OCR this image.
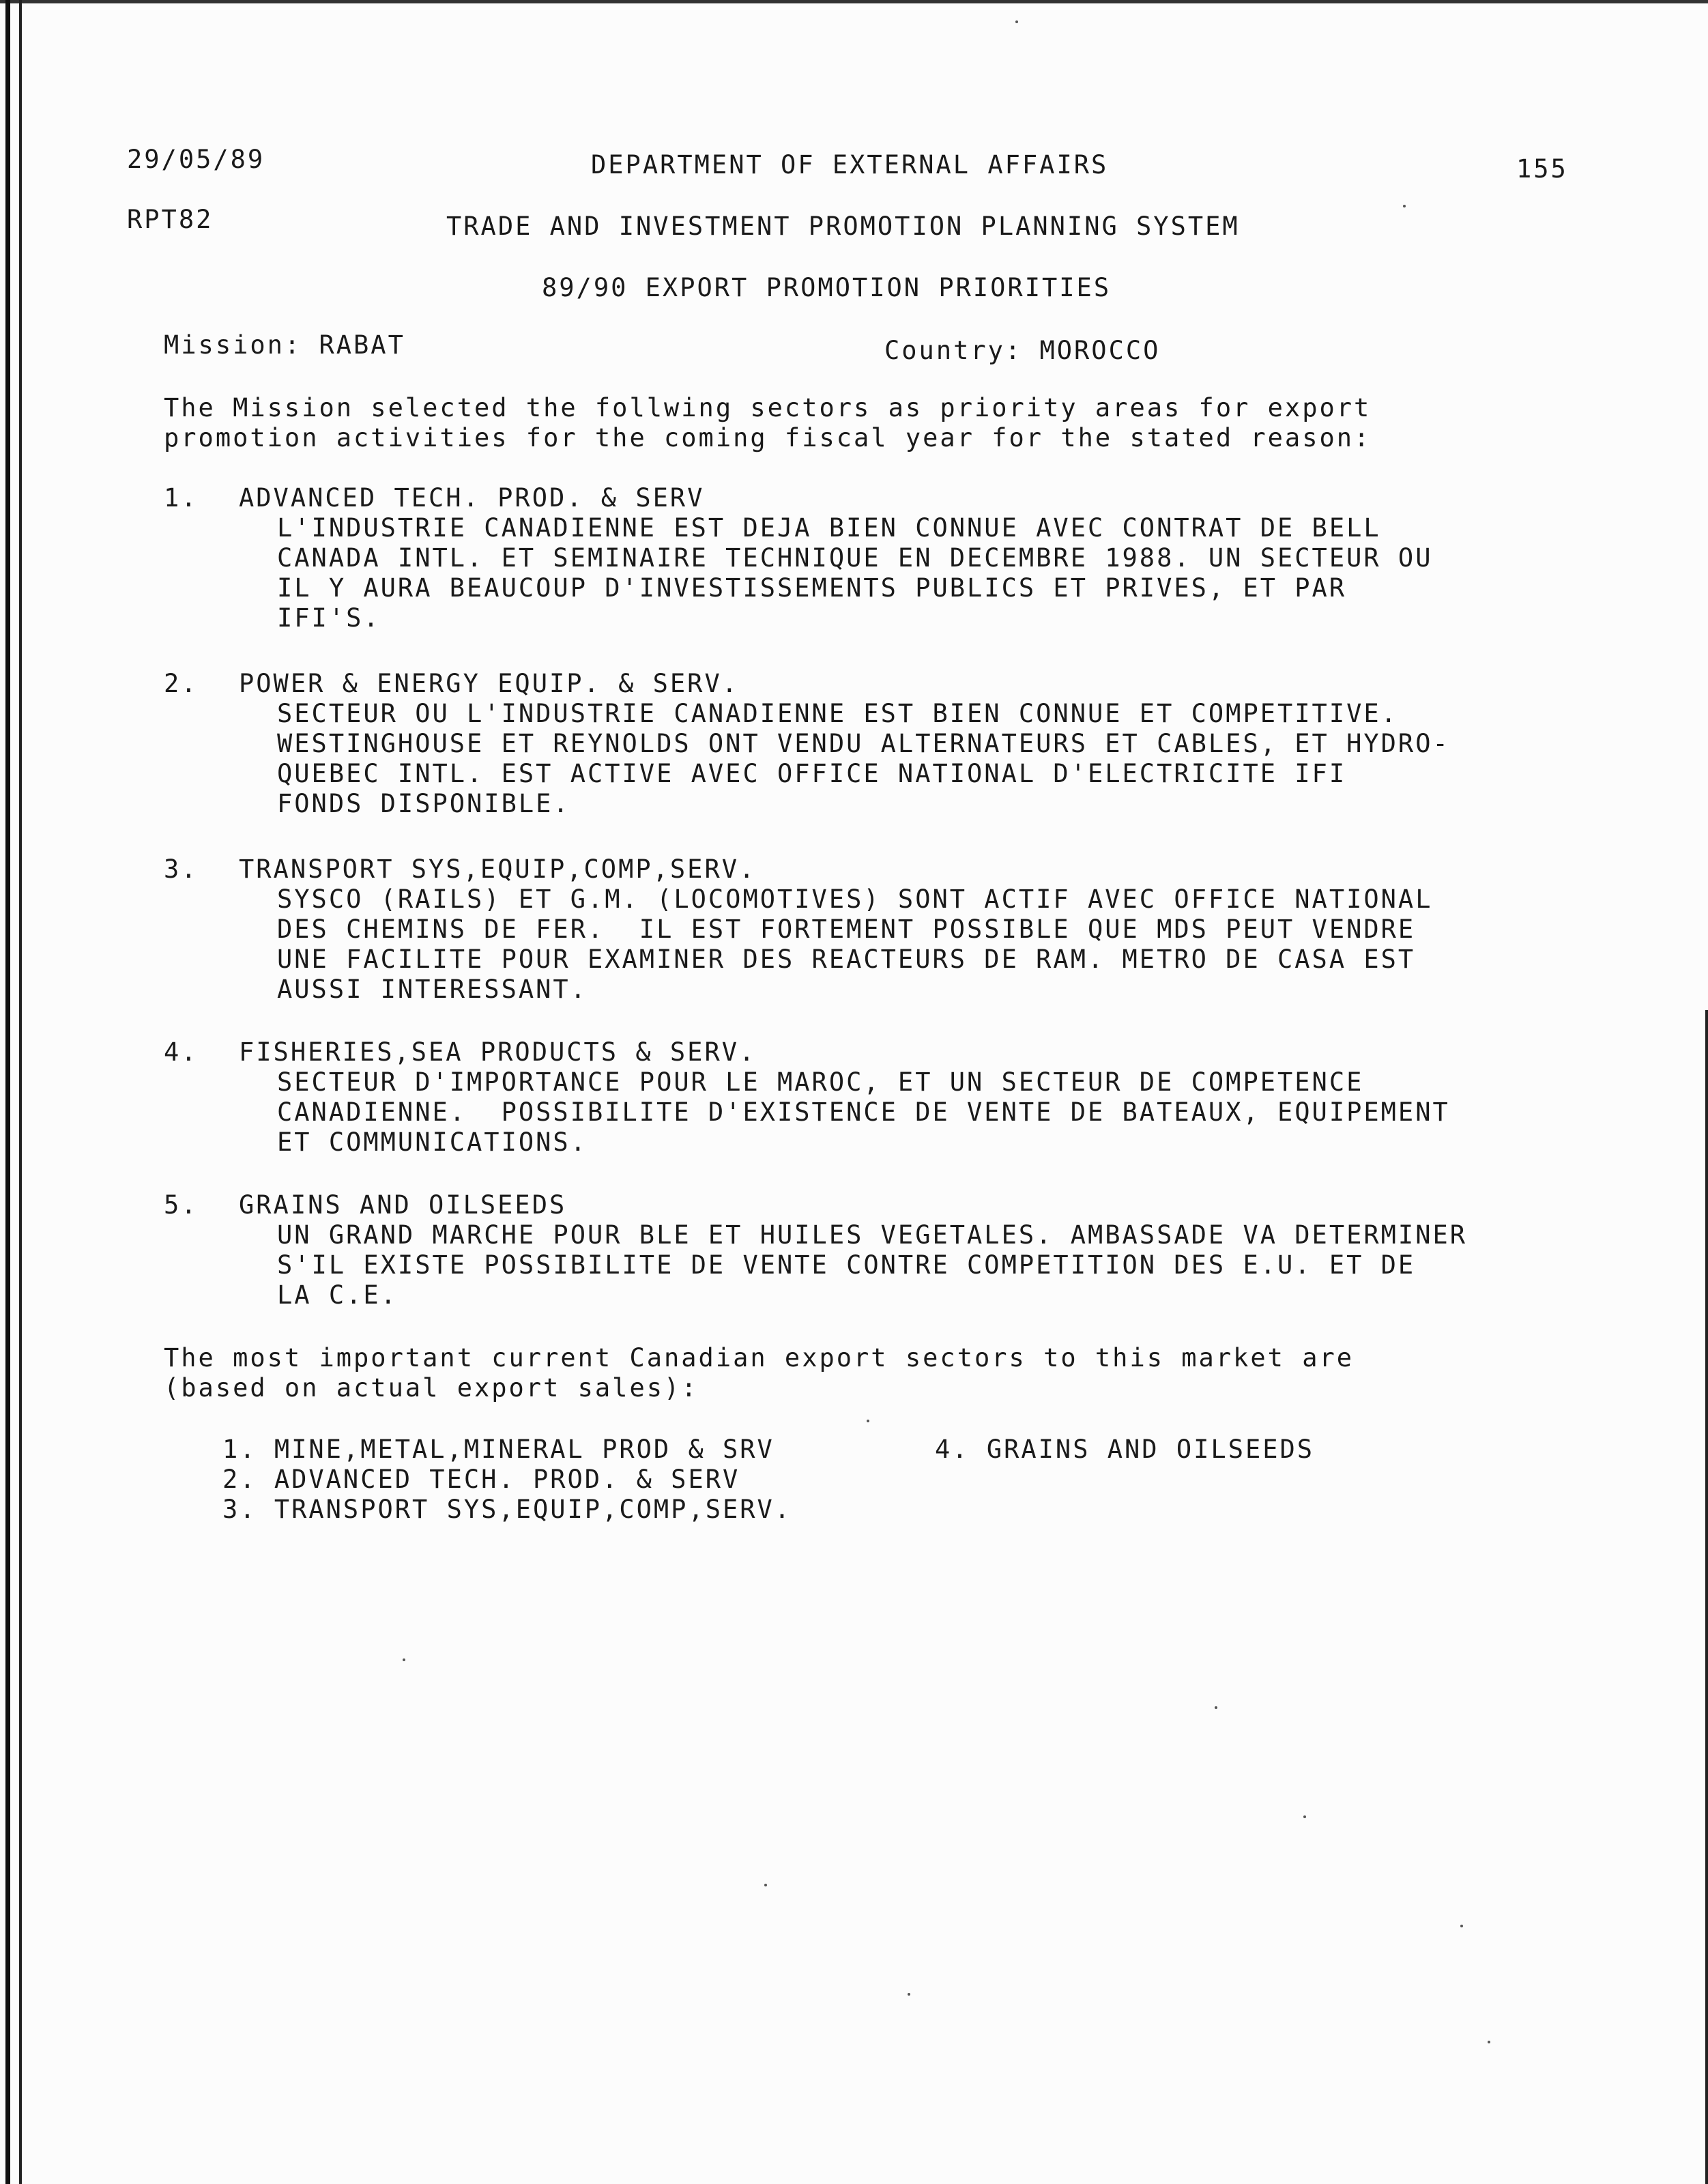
29/05/89	DEPARTMENT OF EXTERNAL AFFAIRS	155

RPT82	TRADE AND INVESTMENT PROMOTION PLANNING SYSTEM

89/90 EXPORT PROMOTION PRIORITIES

Mission: RABAT	Country: MOROCCO

The Mission selected the follwing sectors as priority areas for export
promotion activities for the coming fiscal year for the stated reason:

1. ADVANCED TECH. PROD. & SERV
L'INDUSTRIE CANADIENNE EST DEJA BIEN CONNUE AVEC CONTRAT DE BELL
CANADA INTL. ET SEMINAIRE TECHNIQUE EN DECEMBRE 1988. UN SECTEUR OU
IL Y AURA BEAUCOUP D'INVESTISSEMENTS PUBLICS ET PRIVES, ET PAR
IFI'S.
2. POWER & ENERGY EQUIP. & SERV.
SECTEUR OU L'INDUSTRIE CANADIENNE EST BIEN CONNUE ET COMPETITIVE.
WESTINGHOUSE ET REYNOLDS ONT VENDU ALTERNATEURS ET CABLES, ET HYDRO-
QUEBEC INTL. EST ACTIVE AVEC OFFICE NATIONAL D'ELECTRICITE IFI
FONDS DISPONIBLE.
3. TRANSPORT SYS,EQUIP,COMP,SERV.
SYSCO (RAILS) ET G.M. (LOCOMOTIVES) SONT ACTIF AVEC OFFICE NATIONAL
DES CHEMINS DE FER.  IL EST FORTEMENT POSSIBLE QUE MDS PEUT VENDRE
UNE FACILITE POUR EXAMINER DES REACTEURS DE RAM. METRO DE CASA EST
AUSSI INTERESSANT.
4. FISHERIES,SEA PRODUCTS & SERV.
SECTEUR D'IMPORTANCE POUR LE MAROC, ET UN SECTEUR DE COMPETENCE
CANADIENNE.  POSSIBILITE D'EXISTENCE DE VENTE DE BATEAUX, EQUIPEMENT
ET COMMUNICATIONS.
5. GRAINS AND OILSEEDS
UN GRAND MARCHE POUR BLE ET HUILES VEGETALES. AMBASSADE VA DETERMINER
S'IL EXISTE POSSIBILITE DE VENTE CONTRE COMPETITION DES E.U. ET DE
LA C.E.

The most important current Canadian export sectors to this market are
(based on actual export sales):

1. MINE,METAL,MINERAL PROD & SRV
2. ADVANCED TECH. PROD. & SERV
3. TRANSPORT SYS,EQUIP,COMP,SERV.
4. GRAINS AND OILSEEDS
